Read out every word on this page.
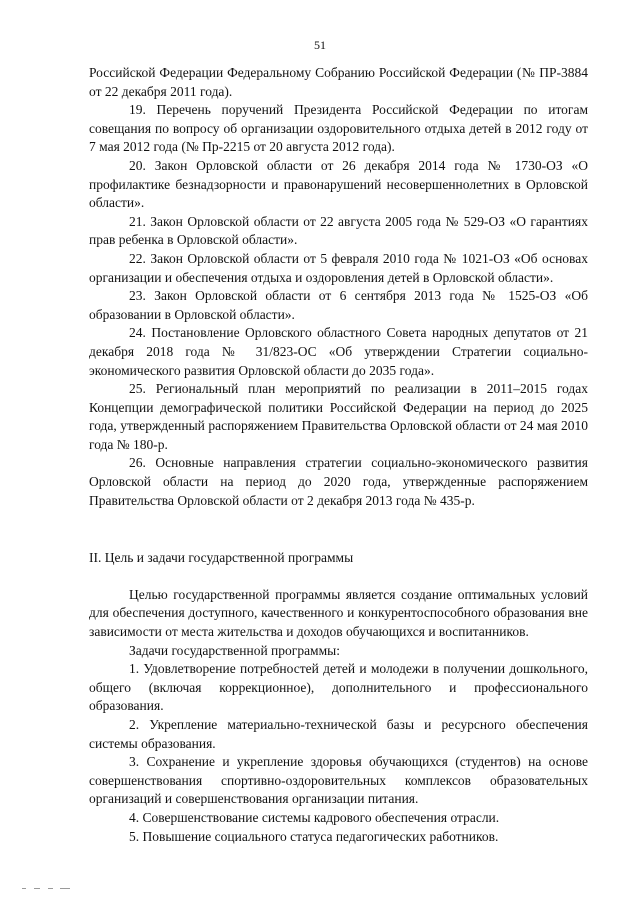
51

Российской Федерации Федеральному Собранию Российской Федерации (№ ПР-3884 от 22 декабря 2011 года).

19. Перечень поручений Президента Российской Федерации по итогам совещания по вопросу об организации оздоровительного отдыха детей в 2012 году от 7 мая 2012 года (№ Пр-2215 от 20 августа 2012 года).

20. Закон Орловской области от 26 декабря 2014 года № 1730-ОЗ «О профилактике безнадзорности и правонарушений несовершеннолетних в Орловской области».

21. Закон Орловской области от 22 августа 2005 года № 529-ОЗ «О гарантиях прав ребенка в Орловской области».

22. Закон Орловской области от 5 февраля 2010 года № 1021-ОЗ «Об основах организации и обеспечения отдыха и оздоровления детей в Орловской области».

23. Закон Орловской области от 6 сентября 2013 года № 1525-ОЗ «Об образовании в Орловской области».

24. Постановление Орловского областного Совета народных депутатов от 21 декабря 2018 года № 31/823-ОС «Об утверждении Стратегии социально-экономического развития Орловской области до 2035 года».

25. Региональный план мероприятий по реализации в 2011–2015 годах Концепции демографической политики Российской Федерации на период до 2025 года, утвержденный распоряжением Правительства Орловской области от 24 мая 2010 года № 180-р.

26. Основные направления стратегии социально-экономического развития Орловской области на период до 2020 года, утвержденные распоряжением Правительства Орловской области от 2 декабря 2013 года № 435-р.

II. Цель и задачи государственной программы

Целью государственной программы является создание оптимальных условий для обеспечения доступного, качественного и конкурентоспособного образования вне зависимости от места жительства и доходов обучающихся и воспитанников.

Задачи государственной программы:

1. Удовлетворение потребностей детей и молодежи в получении дошкольного, общего (включая коррекционное), дополнительного и профессионального образования.

2. Укрепление материально-технической базы и ресурсного обеспечения системы образования.

3. Сохранение и укрепление здоровья обучающихся (студентов) на основе совершенствования спортивно-оздоровительных комплексов образовательных организаций и совершенствования организации питания.

4. Совершенствование системы кадрового обеспечения отрасли.

5. Повышение социального статуса педагогических работников.
